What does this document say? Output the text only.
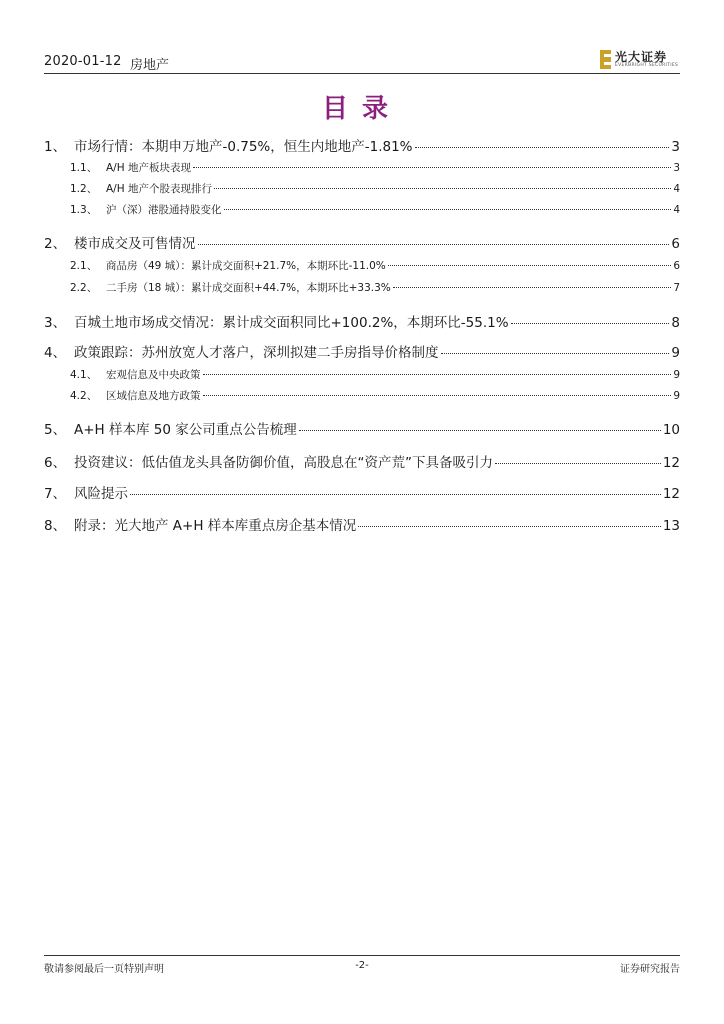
2020-01-12 房地产
光大证券
EVERBRIGHT SECURITIES
目录
1、 市场行情：本期申万地产-0.75%，恒生内地地产-1.81%	3
1.1、 A/H 地产板块表现	3
1.2、 A/H 地产个股表现排行	4
1.3、 沪（深）港股通持股变化	4
2、 楼市成交及可售情况	6
2.1、 商品房（49 城）：累计成交面积+21.7%，本期环比-11.0%	6
2.2、 二手房（18 城）：累计成交面积+44.7%，本期环比+33.3%	7
3、 百城土地市场成交情况：累计成交面积同比+100.2%，本期环比-55.1%	8
4、 政策跟踪：苏州放宽人才落户，深圳拟建二手房指导价格制度	9
4.1、 宏观信息及中央政策	9
4.2、 区域信息及地方政策	9
5、 A+H 样本库 50 家公司重点公告梳理	10
6、 投资建议：低估值龙头具备防御价值，高股息在“资产荒”下具备吸引力	12
7、 风险提示	12
8、 附录：光大地产 A+H 样本库重点房企基本情况	13
敬请参阅最后一页特别声明	-2-	证券研究报告
